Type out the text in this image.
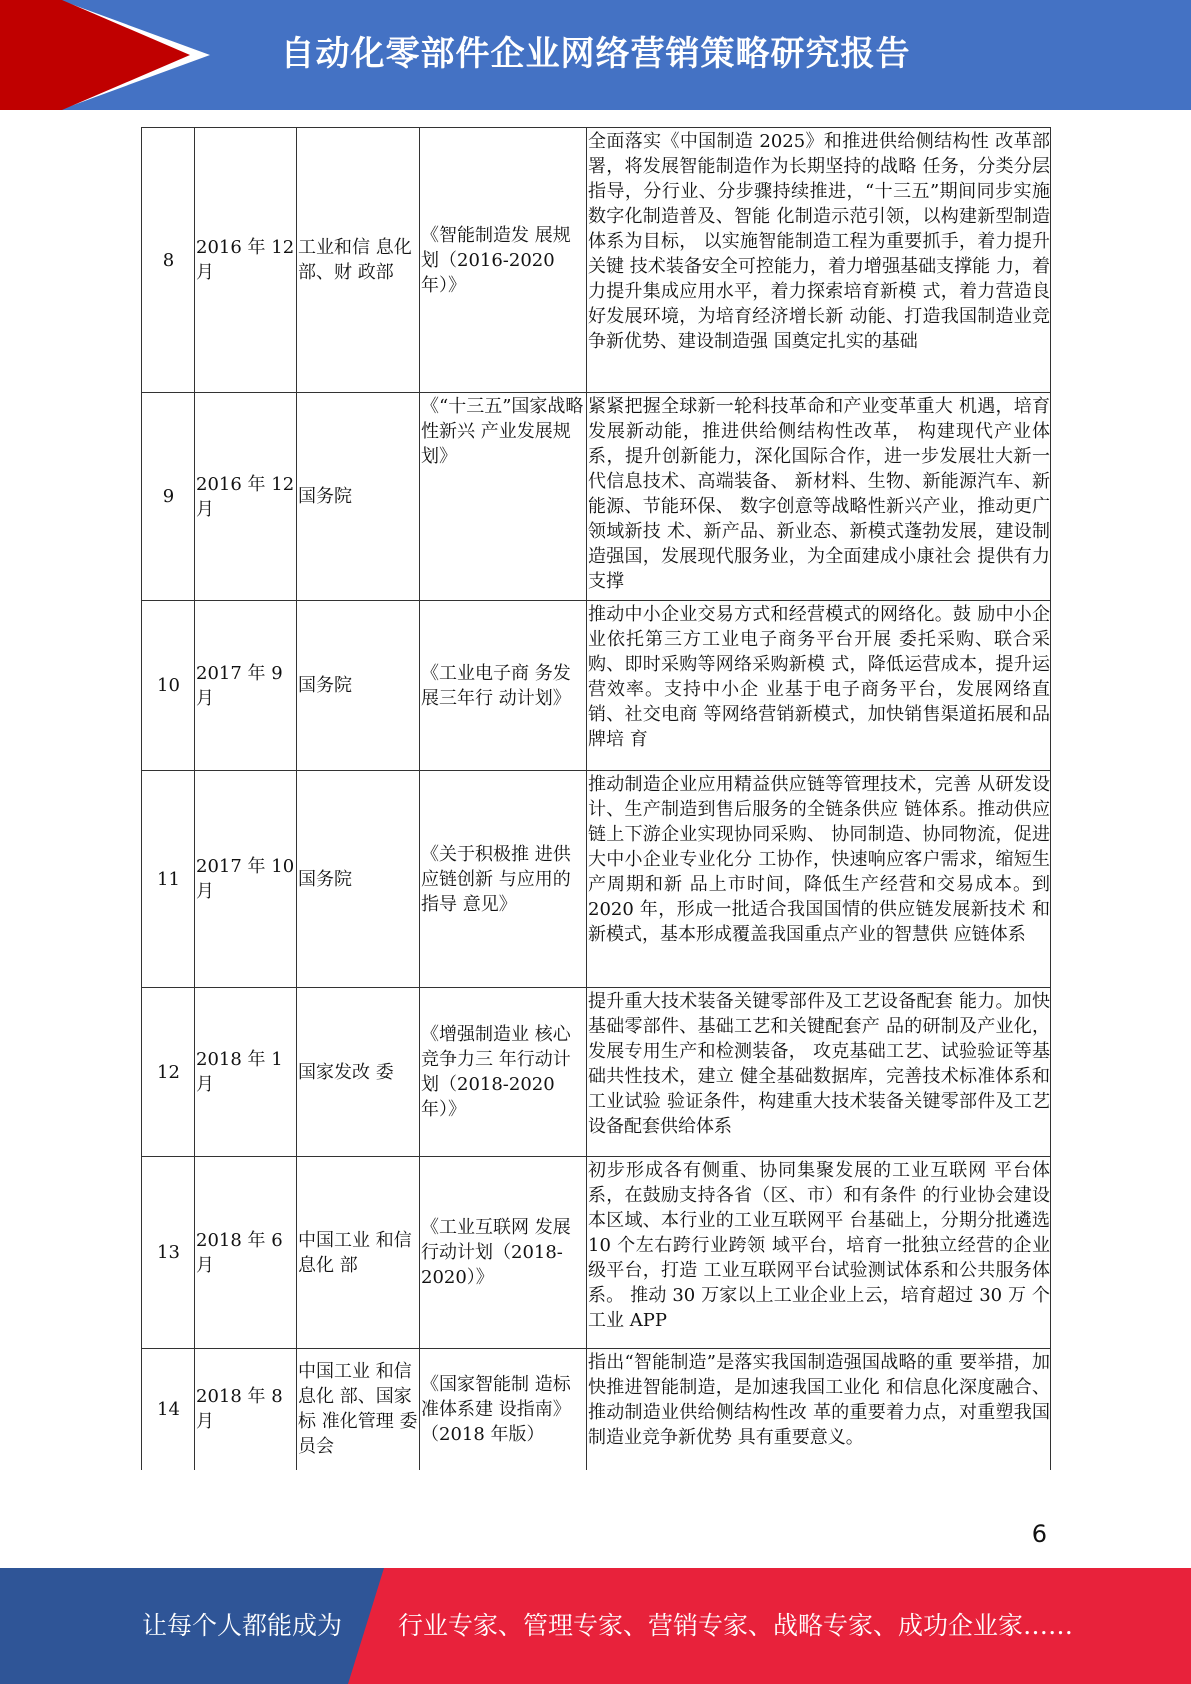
自动化零部件企业网络营销策略研究报告
8	2016 年 12 月	工业和信 息化部、财 政部	《智能制造发 展规划（2016-2020 年）》	全面落实《中国制造 2025》和推进供给侧结构性 改革部署，将发展智能制造作为长期坚持的战略 任务，分类分层指导，分行业、分步骤持续推进，“十三五”期间同步实施数字化制造普及、智能 化制造示范引领，以构建新型制造体系为目标， 以实施智能制造工程为重要抓手，着力提升关键 技术装备安全可控能力，着力增强基础支撑能 力，着力提升集成应用水平，着力探索培育新模 式，着力营造良好发展环境，为培育经济增长新 动能、打造我国制造业竞争新优势、建设制造强 国奠定扎实的基础
9	2016 年 12 月	国务院	《“十三五”国家战略性新兴 产业发展规划》	紧紧把握全球新一轮科技革命和产业变革重大 机遇，培育发展新动能，推进供给侧结构性改革， 构建现代产业体系，提升创新能力，深化国际合作，进一步发展壮大新一代信息技术、高端装备、 新材料、生物、新能源汽车、新能源、节能环保、 数字创意等战略性新兴产业，推动更广领域新技 术、新产品、新业态、新模式蓬勃发展，建设制 造强国，发展现代服务业，为全面建成小康社会 提供有力支撑
10	2017 年 9 月	国务院	《工业电子商 务发展三年行 动计划》	推动中小企业交易方式和经营模式的网络化。鼓 励中小企业依托第三方工业电子商务平台开展 委托采购、联合采购、即时采购等网络采购新模 式，降低运营成本，提升运营效率。支持中小企 业基于电子商务平台，发展网络直销、社交电商 等网络营销新模式，加快销售渠道拓展和品牌培 育
11	2017 年 10 月	国务院	《关于积极推 进供应链创新 与应用的指导 意见》	推动制造企业应用精益供应链等管理技术，完善 从研发设计、生产制造到售后服务的全链条供应 链体系。推动供应链上下游企业实现协同采购、 协同制造、协同物流，促进大中小企业专业化分 工协作，快速响应客户需求，缩短生产周期和新 品上市时间，降低生产经营和交易成本。到 2020 年，形成一批适合我国国情的供应链发展新技术 和新模式，基本形成覆盖我国重点产业的智慧供 应链体系
12	2018 年 1 月	国家发改 委	《增强制造业 核心竞争力三 年行动计划（2018-2020 年）》	提升重大技术装备关键零部件及工艺设备配套 能力。加快基础零部件、基础工艺和关键配套产 品的研制及产业化，发展专用生产和检测装备， 攻克基础工艺、试验验证等基础共性技术，建立 健全基础数据库，完善技术标准体系和工业试验 验证条件，构建重大技术装备关键零部件及工艺 设备配套供给体系
13	2018 年 6 月	中国工业 和信息化 部	《工业互联网 发展行动计划（2018-2020）》	初步形成各有侧重、协同集聚发展的工业互联网 平台体系，在鼓励支持各省（区、市）和有条件 的行业协会建设本区域、本行业的工业互联网平 台基础上，分期分批遴选 10 个左右跨行业跨领 域平台，培育一批独立经营的企业级平台，打造 工业互联网平台试验测试体系和公共服务体系。 推动 30 万家以上工业企业上云，培育超过 30 万 个工业 APP
14	2018 年 8 月	中国工业 和信息化 部、国家标 准化管理 委员会	《国家智能制 造标准体系建 设指南》（2018 年版）	指出“智能制造”是落实我国制造强国战略的重 要举措，加快推进智能制造，是加速我国工业化 和信息化深度融合、推动制造业供给侧结构性改 革的重要着力点，对重塑我国制造业竞争新优势 具有重要意义。
6
让每个人都能成为 行业专家、管理专家、营销专家、战略专家、成功企业家……
